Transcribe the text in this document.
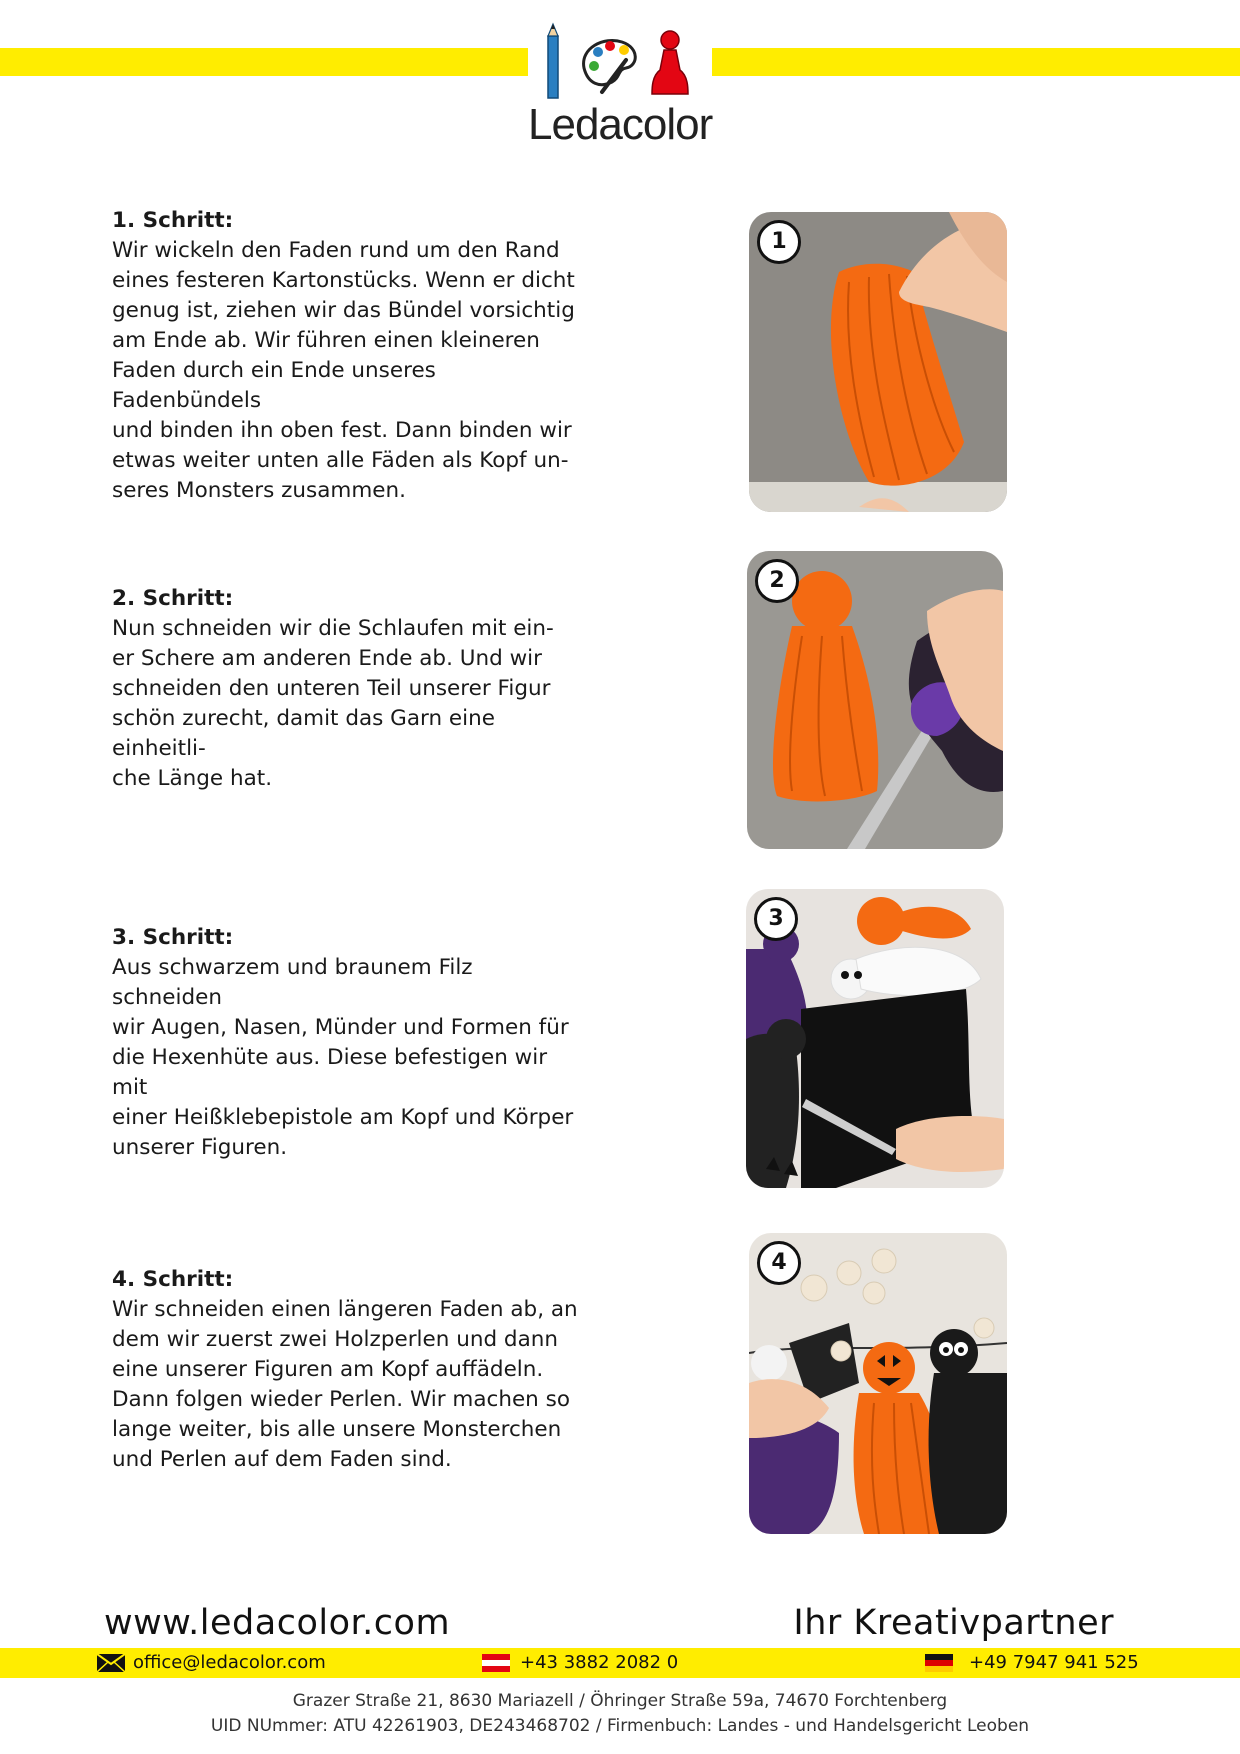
Ledacolor
1. Schritt:
Wir wickeln den Faden rund um den Rand
eines festeren Kartonstücks. Wenn er dicht
genug ist, ziehen wir das Bündel vorsichtig
am Ende ab. Wir führen einen kleineren
Faden durch ein Ende unseres Fadenbündels
und binden ihn oben fest. Dann binden wir
etwas weiter unten alle Fäden als Kopf un-
seres Monsters zusammen.
2. Schritt:
Nun schneiden wir die Schlaufen mit ein-
er Schere am anderen Ende ab. Und wir
schneiden den unteren Teil unserer Figur
schön zurecht, damit das Garn eine einheitli-
che Länge hat.
3. Schritt:
Aus schwarzem und braunem Filz schneiden
wir Augen, Nasen, Münder und Formen für
die Hexenhüte aus. Diese befestigen wir mit
einer Heißklebepistole am Kopf und Körper
unserer Figuren.
4. Schritt:
Wir schneiden einen längeren Faden ab, an
dem wir zuerst zwei Holzperlen und dann
eine unserer Figuren am Kopf auffädeln.
Dann folgen wieder Perlen. Wir machen so
lange weiter, bis alle unsere Monsterchen
und Perlen auf dem Faden sind.
1
2
3
4
www.ledacolor.com	Ihr Kreativpartner
office@ledacolor.com	+43 3882 2082 0	+49 7947 941 525
Grazer Straße 21, 8630 Mariazell / Öhringer Straße 59a, 74670 Forchtenberg
UID NUmmer: ATU 42261903, DE243468702 / Firmenbuch: Landes - und Handelsgericht Leoben
